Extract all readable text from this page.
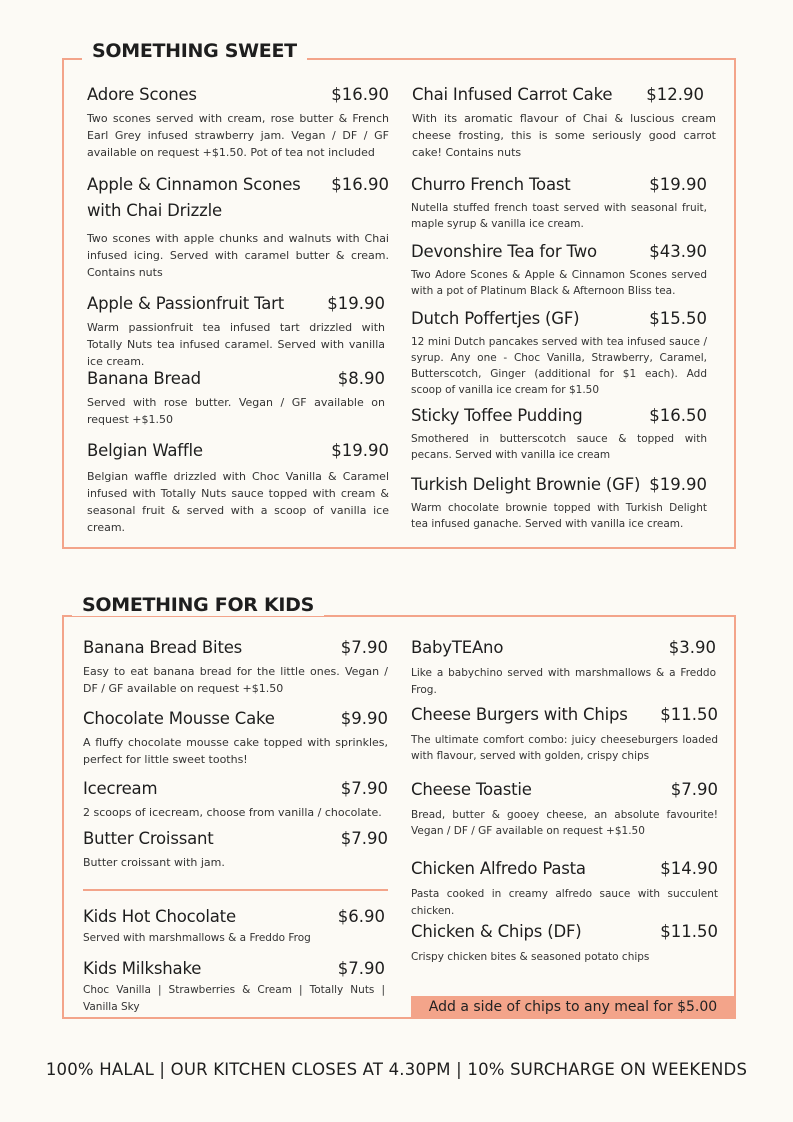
SOMETHING SWEET
Adore Scones	$16.90
Two scones served with cream, rose butter & French Earl Grey infused strawberry jam. Vegan / DF / GF available on request +$1.50. Pot of tea not included
Apple & Cinnamon Scones with Chai Drizzle
$16.90
Two scones with apple chunks and walnuts with Chai infused icing. Served with caramel butter & cream. Contains nuts
Apple & Passionfruit Tart	$19.90
Warm passionfruit tea infused tart drizzled with Totally Nuts tea infused caramel. Served with vanilla ice cream.
Banana Bread	$8.90
Served with rose butter. Vegan / GF available on request +$1.50
Belgian Waffle	$19.90
Belgian waffle drizzled with Choc Vanilla & Caramel infused with Totally Nuts sauce topped with cream & seasonal fruit & served with a scoop of vanilla ice cream.
Chai Infused Carrot Cake $12.90
With its aromatic flavour of Chai & luscious cream cheese frosting, this is some seriously good carrot cake! Contains nuts
Churro French Toast	$19.90
Nutella stuffed french toast served with seasonal fruit, maple syrup & vanilla ice cream.
Devonshire Tea for Two	$43.90
Two Adore Scones & Apple & Cinnamon Scones served with a pot of Platinum Black & Afternoon Bliss tea.
Dutch Poffertjes (GF)	$15.50
12 mini Dutch pancakes served with tea infused sauce / syrup. Any one - Choc Vanilla, Strawberry, Caramel, Butterscotch, Ginger (additional for $1 each). Add scoop of vanilla ice cream for $1.50
Sticky Toffee Pudding	$16.50
Smothered in butterscotch sauce & topped with pecans. Served with vanilla ice cream
Turkish Delight Brownie (GF) $19.90
Warm chocolate brownie topped with Turkish Delight tea infused ganache. Served with vanilla ice cream.
SOMETHING FOR KIDS
Banana Bread Bites	$7.90
Easy to eat banana bread for the little ones. Vegan / DF / GF available on request +$1.50
Chocolate Mousse Cake	$9.90
A fluffy chocolate mousse cake topped with sprinkles, perfect for little sweet tooths!
Icecream	$7.90
2 scoops of icecream, choose from vanilla / chocolate.
Butter Croissant	$7.90
Butter croissant with jam.
Kids Hot Chocolate	$6.90
Served with marshmallows & a Freddo Frog
Kids Milkshake	$7.90
Choc Vanilla | Strawberries & Cream | Totally Nuts | Vanilla Sky
BabyTEAno	$3.90
Like a babychino served with marshmallows & a Freddo Frog.
Cheese Burgers with Chips $11.50
The ultimate comfort combo: juicy cheeseburgers loaded with flavour, served with golden, crispy chips
Cheese Toastie	$7.90
Bread, butter & gooey cheese, an absolute favourite! Vegan / DF / GF available on request +$1.50
Chicken Alfredo Pasta	$14.90
Pasta cooked in creamy alfredo sauce with succulent chicken.
Chicken & Chips (DF)	$11.50
Crispy chicken bites & seasoned potato chips
Add a side of chips to any meal for $5.00
100% HALAL | OUR KITCHEN CLOSES AT 4.30PM | 10% SURCHARGE ON WEEKENDS
